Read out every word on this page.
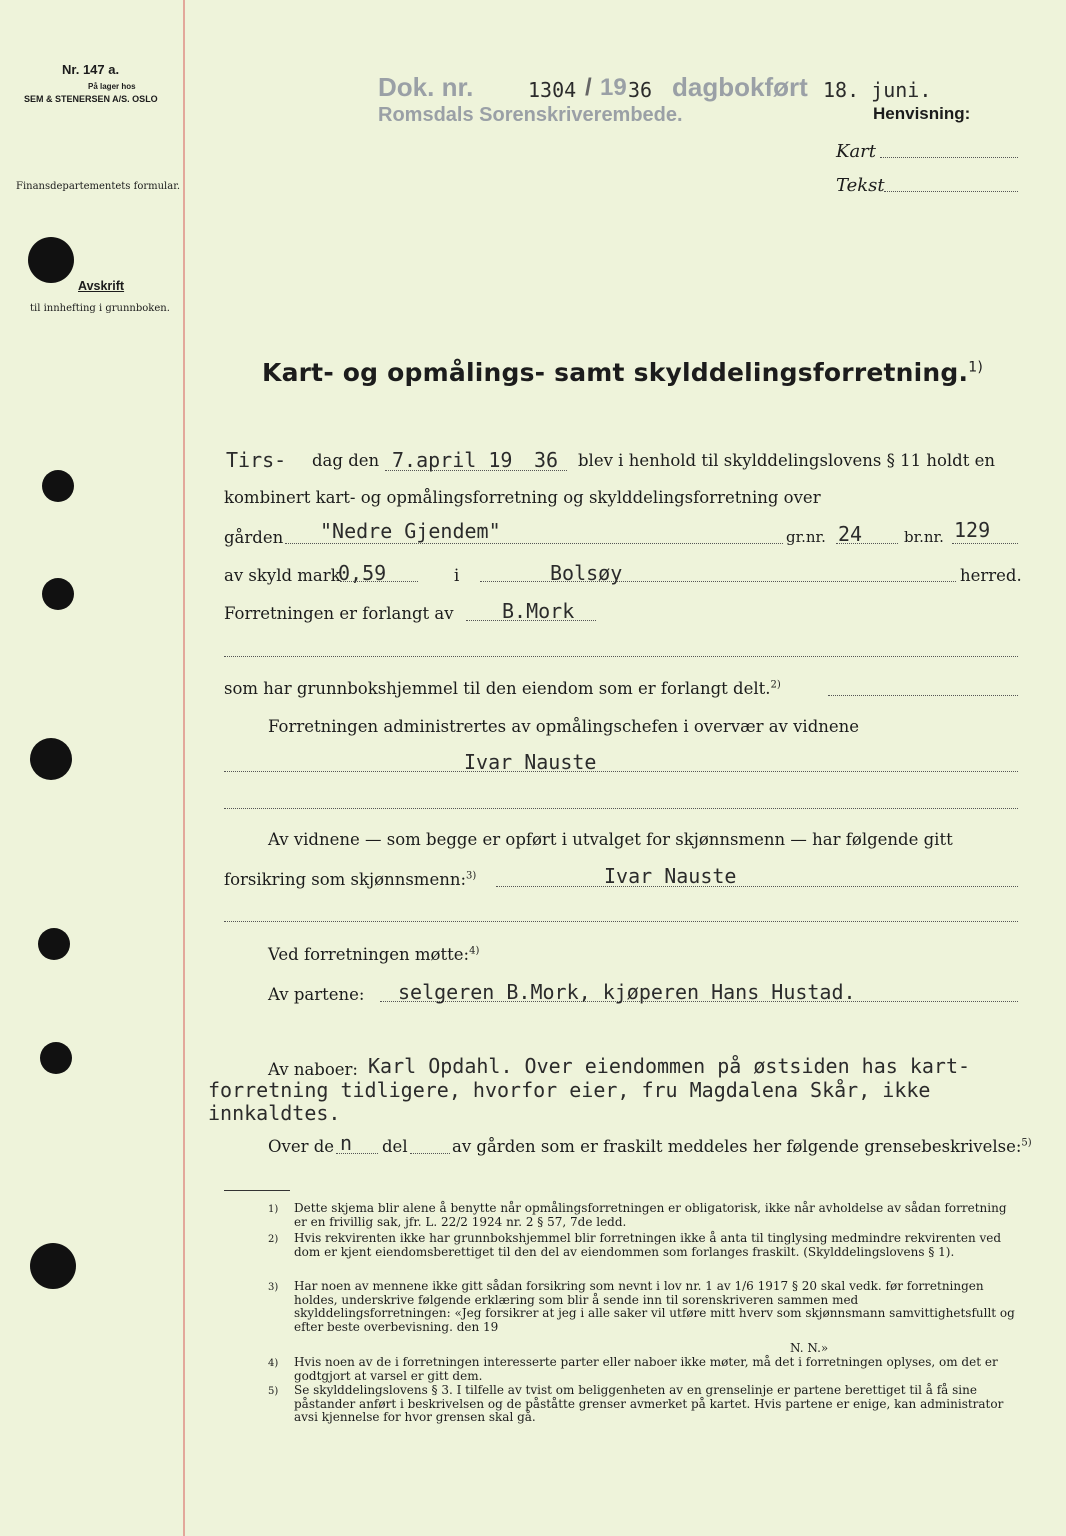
Nr. 147 a.
På lager hos
SEM & STENERSEN A/S. OSLO
Finansdepartementets formular.
Avskrift
til innhefting i grunnboken.
Dok. nr.	1304 / 19 36 dagbokført 18. juni.
Romsdals Sorenskriverembede.	Henvisning:
Kart
Tekst
Kart- og opmålings- samt skylddelingsforretning.$^{1)}$
Tirs- dag den 7.april 19 36 blev i henhold til skylddelingslovens § 11 holdt en
kombinert kart- og opmålingsforretning og skylddelingsforretning over
gården "Nedre Gjendem"	gr.nr. 24	br.nr. 129
av skyld mark
0,59	i	Bolsøy	herred.
Forretningen er forlangt av B.Mork
som har grunnbokshjemmel til den eiendom som er forlangt delt.$^{2)}$
Forretningen administrertes av opmålingschefen i overvær av vidnene
Ivar Nauste
Av vidnene — som begge er opført i utvalget for skjønnsmenn — har følgende gitt
forsikring som skjønnsmenn:$^{3)}$	Ivar Nauste
Ved forretningen møtte:$^{4)}$
Av partene: selgeren B.Mork, kjøperen Hans Hustad.
Av naboer: Karl Opdahl. Over eiendommen på østsiden has kart-
forretning tidligere, hvorfor eier, fru Magdalena Skår, ikke
innkaldtes.
Over de n del	av gården som er fraskilt meddeles her følgende grensebeskrivelse:$^{5)}$
1) Dette skjema blir alene å benytte når opmålingsforretningen er obligatorisk, ikke når avholdelse av sådan forretning er en frivillig sak, jfr. L. 22/2 1924 nr. 2 § 57, 7de ledd.
2) Hvis rekvirenten ikke har grunnbokshjemmel blir forretningen ikke å anta til tinglysing medmindre rekvirenten ved dom er kjent eiendomsberettiget til den del av eiendommen som forlanges fraskilt. (Skylddelingslovens § 1).
3) Har noen av mennene ikke gitt sådan forsikring som nevnt i lov nr. 1 av 1/6 1917 § 20 skal vedk. før forretningen holdes, underskrive følgende erklæring som blir å sende inn til sorenskriveren sammen med skylddelingsforretningen: «Jeg forsikrer at jeg i alle saker vil utføre mitt hverv som skjønnsmann samvittighetsfullt og efter beste overbevisning. den 19
N. N.»
4) Hvis noen av de i forretningen interesserte parter eller naboer ikke møter, må det i forretningen oplyses, om det er godtgjort at varsel er gitt dem.
5) Se skylddelingslovens § 3. I tilfelle av tvist om beliggenheten av en grenselinje er partene berettiget til å få sine påstander anført i beskrivelsen og de påståtte grenser avmerket på kartet. Hvis partene er enige, kan administrator avsi kjennelse for hvor grensen skal gå.
